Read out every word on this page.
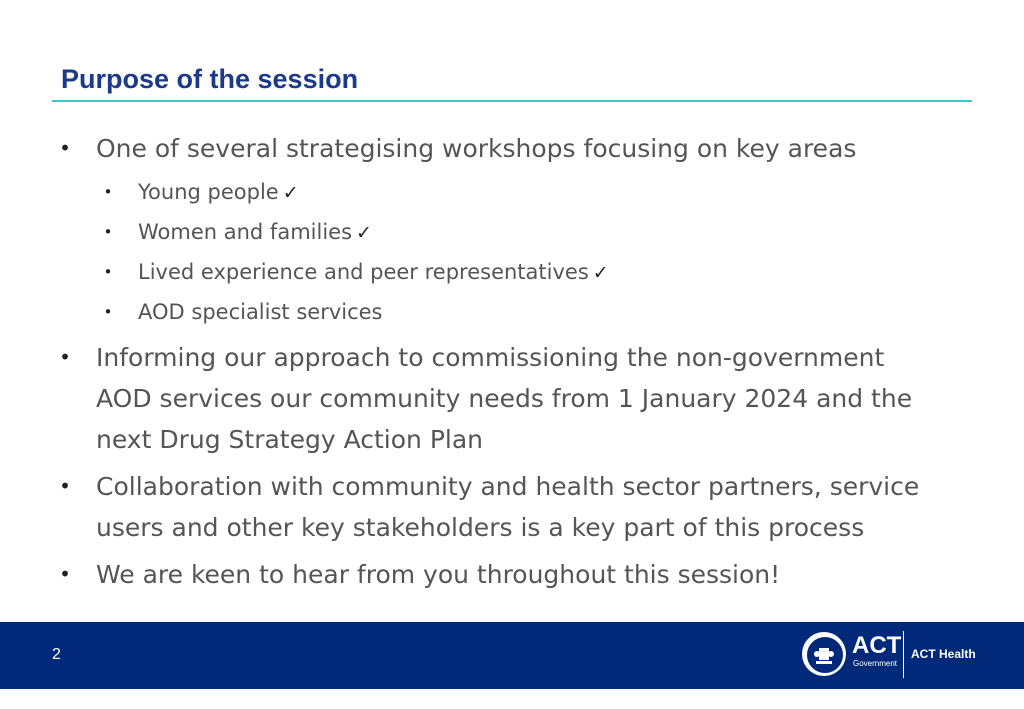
Purpose of the session
• One of several strategising workshops focusing on key areas
• Young people ✓
• Women and families ✓
• Lived experience and peer representatives ✓
• AOD specialist services
• Informing our approach to commissioning the non-government
AOD services our community needs from 1 January 2024 and the
next Drug Strategy Action Plan
• Collaboration with community and health sector partners, service
users and other key stakeholders is a key part of this process
• We are keen to hear from you throughout this session!
2	ACT
Government
ACT Health
